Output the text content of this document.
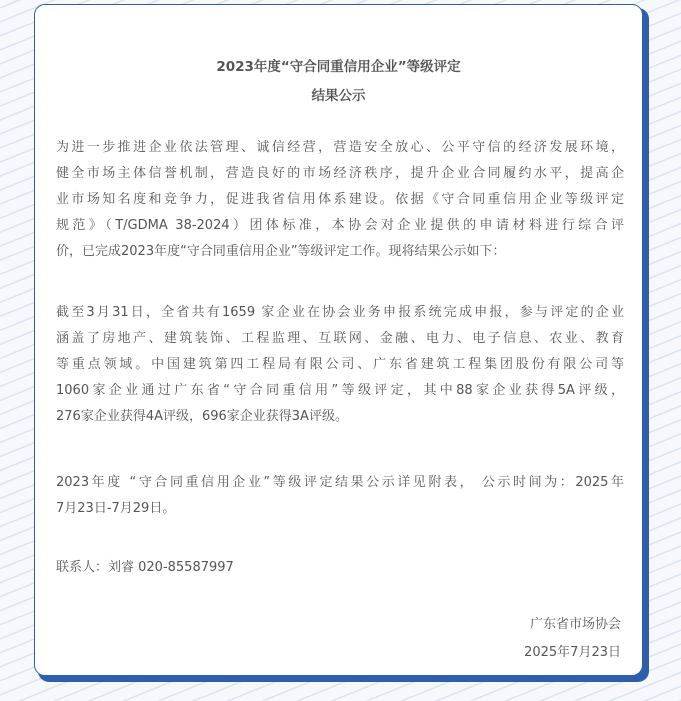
2023年度“守合同重信用企业”等级评定
结果公示

为进一步推进企业依法管理、诚信经营，营造安全放心、公平守信的经济发展环境，
健全市场主体信誉机制，营造良好的市场经济秩序，提升企业合同履约水平，提高企
业市场知名度和竞争力，促进我省信用体系建设。依据《守合同重信用企业等级评定
规范》（T/GDMA 38-2024）团体标准，本协会对企业提供的申请材料进行综合评
价，已完成2023年度“守合同重信用企业”等级评定工作。现将结果公示如下：

截至3月31日，全省共有1659 家企业在协会业务申报系统完成申报，参与评定的企业
涵盖了房地产、建筑装饰、工程监理、互联网、金融、电力、电子信息、农业、教育
等重点领域。中国建筑第四工程局有限公司、广东省建筑工程集团股份有限公司等
1060家企业通过广东省“守合同重信用”等级评定，其中88家企业获得5A评级，
276家企业获得4A评级，696家企业获得3A评级。

2023年度 “守合同重信用企业”等级评定结果公示详见附表， 公示时间为：2025年
7月23日-7月29日。

联系人：刘睿 020-85587997

广东省市场协会

2025年7月23日
